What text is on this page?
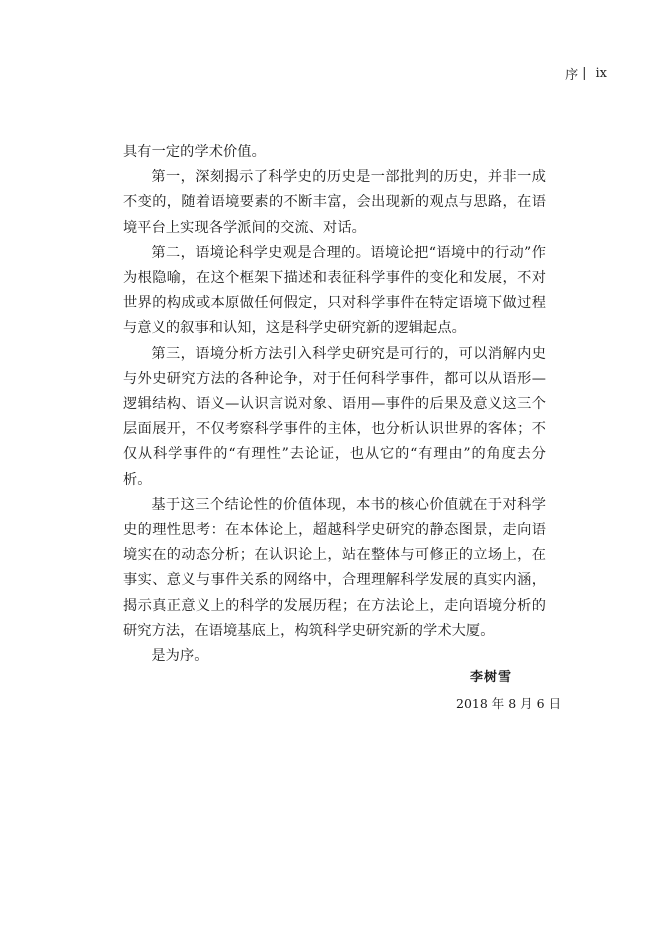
序 | ix

具有一定的学术价值。

第一，深刻揭示了科学史的历史是一部批判的历史，并非一成不变的，随着语境要素的不断丰富，会出现新的观点与思路，在语境平台上实现各学派间的交流、对话。

第二，语境论科学史观是合理的。语境论把“语境中的行动”作为根隐喻，在这个框架下描述和表征科学事件的变化和发展，不对世界的构成或本原做任何假定，只对科学事件在特定语境下做过程与意义的叙事和认知，这是科学史研究新的逻辑起点。

第三，语境分析方法引入科学史研究是可行的，可以消解内史与外史研究方法的各种论争，对于任何科学事件，都可以从语形—逻辑结构、语义—认识言说对象、语用—事件的后果及意义这三个层面展开，不仅考察科学事件的主体，也分析认识世界的客体；不仅从科学事件的“有理性”去论证，也从它的“有理由”的角度去分析。

基于这三个结论性的价值体现，本书的核心价值就在于对科学史的理性思考：在本体论上，超越科学史研究的静态图景，走向语境实在的动态分析；在认识论上，站在整体与可修正的立场上，在事实、意义与事件关系的网络中，合理理解科学发展的真实内涵，揭示真正意义上的科学的发展历程；在方法论上，走向语境分析的研究方法，在语境基底上，构筑科学史研究新的学术大厦。

是为序。

李树雪
2018 年 8 月 6 日
